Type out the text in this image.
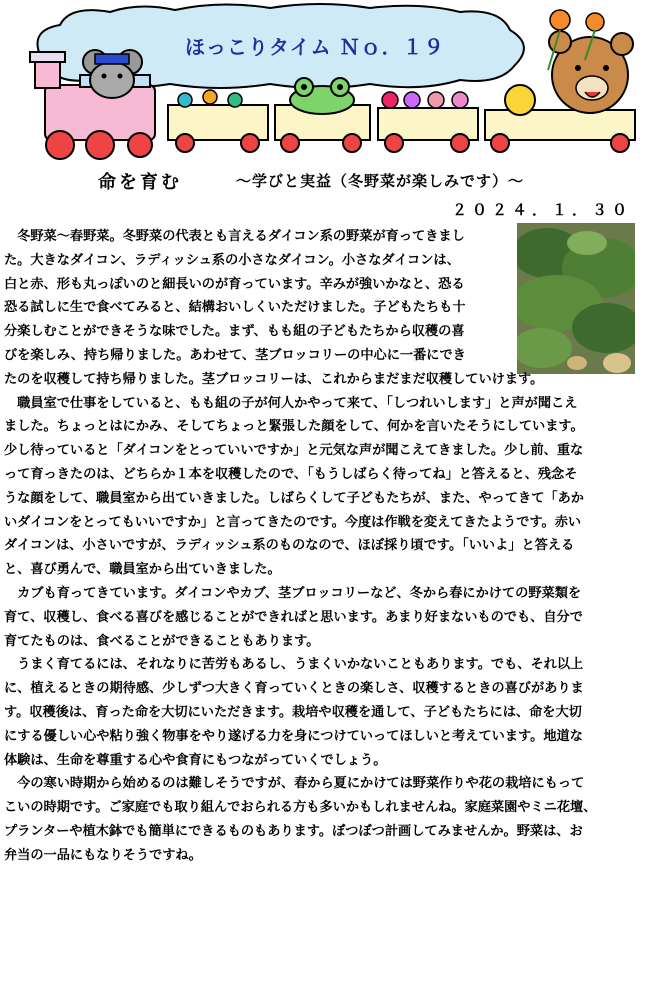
ほっこりタイム Ｎｏ．１９
命を育む	～学びと実益（冬野菜が楽しみです）～
２０２４．１．３０

　冬野菜～春野菜。冬野菜の代表とも言えるダイコン系の野菜が育ってきまし
た。大きなダイコン、ラディッシュ系の小さなダイコン。小さなダイコンは、
白と赤、形も丸っぽいのと細長いのが育っています。辛みが強いかなと、恐る
恐る試しに生で食べてみると、結構おいしくいただけました。子どもたちも十
分楽しむことができそうな味でした。まず、もも組の子どもたちから収穫の喜
びを楽しみ、持ち帰りました。あわせて、茎ブロッコリーの中心に一番にでき
たのを収穫して持ち帰りました。茎ブロッコリーは、これからまだまだ収穫していけます。

　職員室で仕事をしていると、もも組の子が何人かやって来て、「しつれいします」と声が聞こえ
ました。ちょっとはにかみ、そしてちょっと緊張した顔をして、何かを言いたそうにしています。
少し待っていると「ダイコンをとっていいですか」と元気な声が聞こえてきました。少し前、重な
って育っきたのは、どちらか１本を収穫したので、「もうしばらく待ってね」と答えると、残念そ
うな顔をして、職員室から出ていきました。しばらくして子どもたちが、また、やってきて「あか
いダイコンをとってもいいですか」と言ってきたのです。今度は作戦を変えてきたようです。赤い
ダイコンは、小さいですが、ラディッシュ系のものなので、ほぼ採り頃です。「いいよ」と答える
と、喜び勇んで、職員室から出ていきました。

　カブも育ってきています。ダイコンやカブ、茎ブロッコリーなど、冬から春にかけての野菜類を
育て、収穫し、食べる喜びを感じることができればと思います。あまり好まないものでも、自分で
育てたものは、食べることができることもあります。

　うまく育てるには、それなりに苦労もあるし、うまくいかないこともあります。でも、それ以上
に、植えるときの期待感、少しずつ大きく育っていくときの楽しさ、収穫するときの喜びがありま
す。収穫後は、育った命を大切にいただきます。栽培や収穫を通して、子どもたちには、命を大切
にする優しい心や粘り強く物事をやり遂げる力を身につけていってほしいと考えています。地道な
体験は、生命を尊重する心や食育にもつながっていくでしょう。

　今の寒い時期から始めるのは難しそうですが、春から夏にかけては野菜作りや花の栽培にもって
こいの時期です。ご家庭でも取り組んでおられる方も多いかもしれませんね。家庭菜園やミニ花壇、
プランターや植木鉢でも簡単にできるものもあります。ぼつぼつ計画してみませんか。野菜は、お
弁当の一品にもなりそうですね。
